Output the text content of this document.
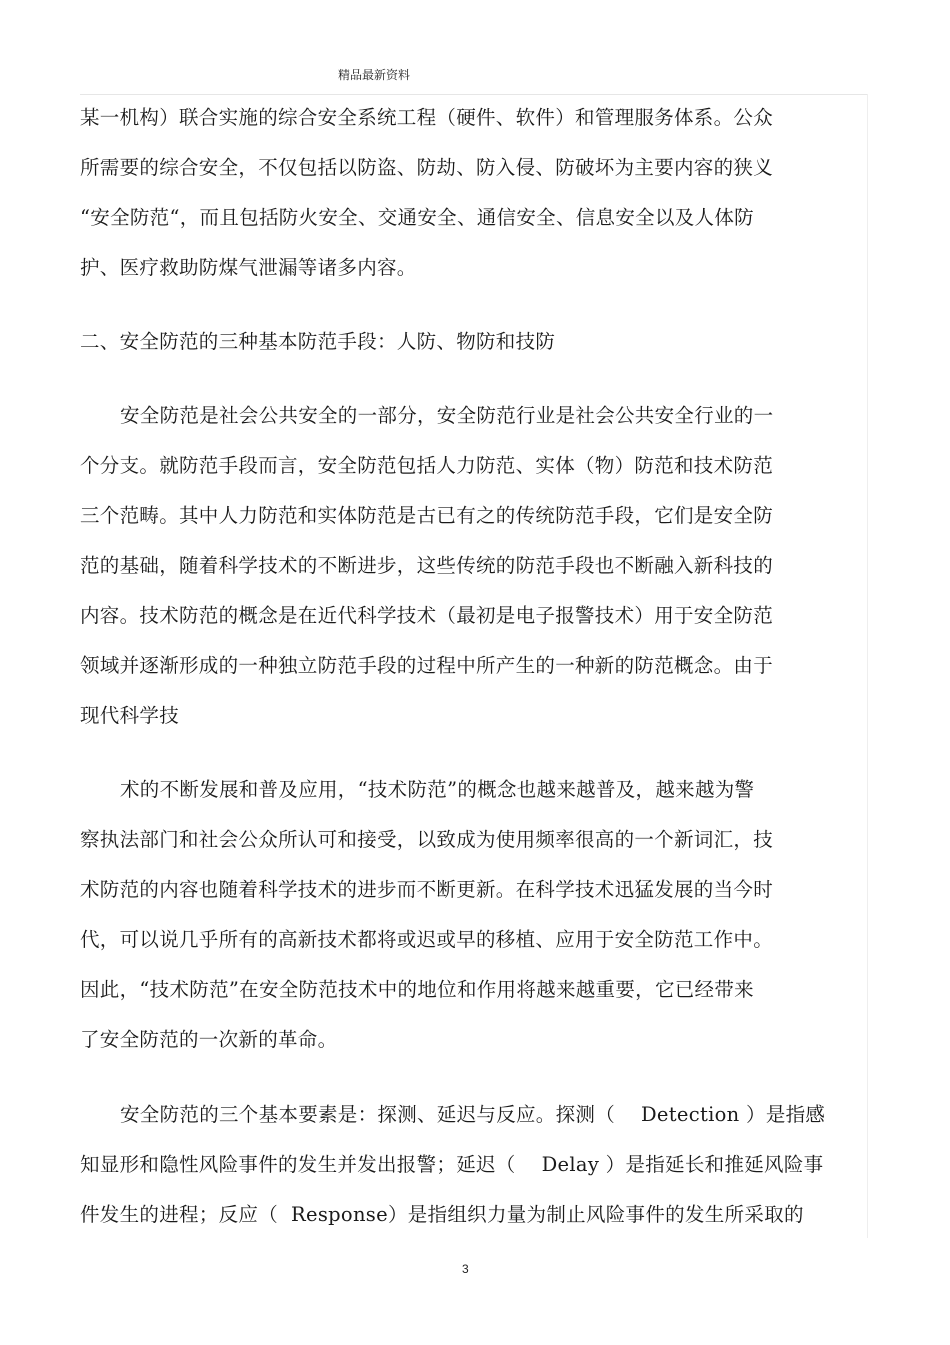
精品最新资料
某一机构）联合实施的综合安全系统工程（硬件、软件）和管理服务体系。公众
所需要的综合安全，不仅包括以防盗、防劫、防入侵、防破坏为主要内容的狭义
“安全防范“，而且包括防火安全、交通安全、通信安全、信息安全以及人体防
护、医疗救助防煤气泄漏等诸多内容。
二、安全防范的三种基本防范手段：人防、物防和技防
安全防范是社会公共安全的一部分，安全防范行业是社会公共安全行业的一
个分支。就防范手段而言，安全防范包括人力防范、实体（物）防范和技术防范
三个范畴。其中人力防范和实体防范是古已有之的传统防范手段，它们是安全防
范的基础，随着科学技术的不断进步，这些传统的防范手段也不断融入新科技的
内容。技术防范的概念是在近代科学技术（最初是电子报警技术）用于安全防范
领域并逐渐形成的一种独立防范手段的过程中所产生的一种新的防范概念。由于
现代科学技
术的不断发展和普及应用，“技术防范”的概念也越来越普及，越来越为警
察执法部门和社会公众所认可和接受，以致成为使用频率很高的一个新词汇，技
术防范的内容也随着科学技术的进步而不断更新。在科学技术迅猛发展的当今时
代，可以说几乎所有的高新技术都将或迟或早的移植、应用于安全防范工作中。
因此，“技术防范”在安全防范技术中的地位和作用将越来越重要，它已经带来
了安全防范的一次新的革命。
安全防范的三个基本要素是：探测、延迟与反应。探测（    Detection ）是指感
知显形和隐性风险事件的发生并发出报警；延迟（    Delay ）是指延长和推延风险事
件发生的进程；反应（  Response）是指组织力量为制止风险事件的发生所采取的
3
